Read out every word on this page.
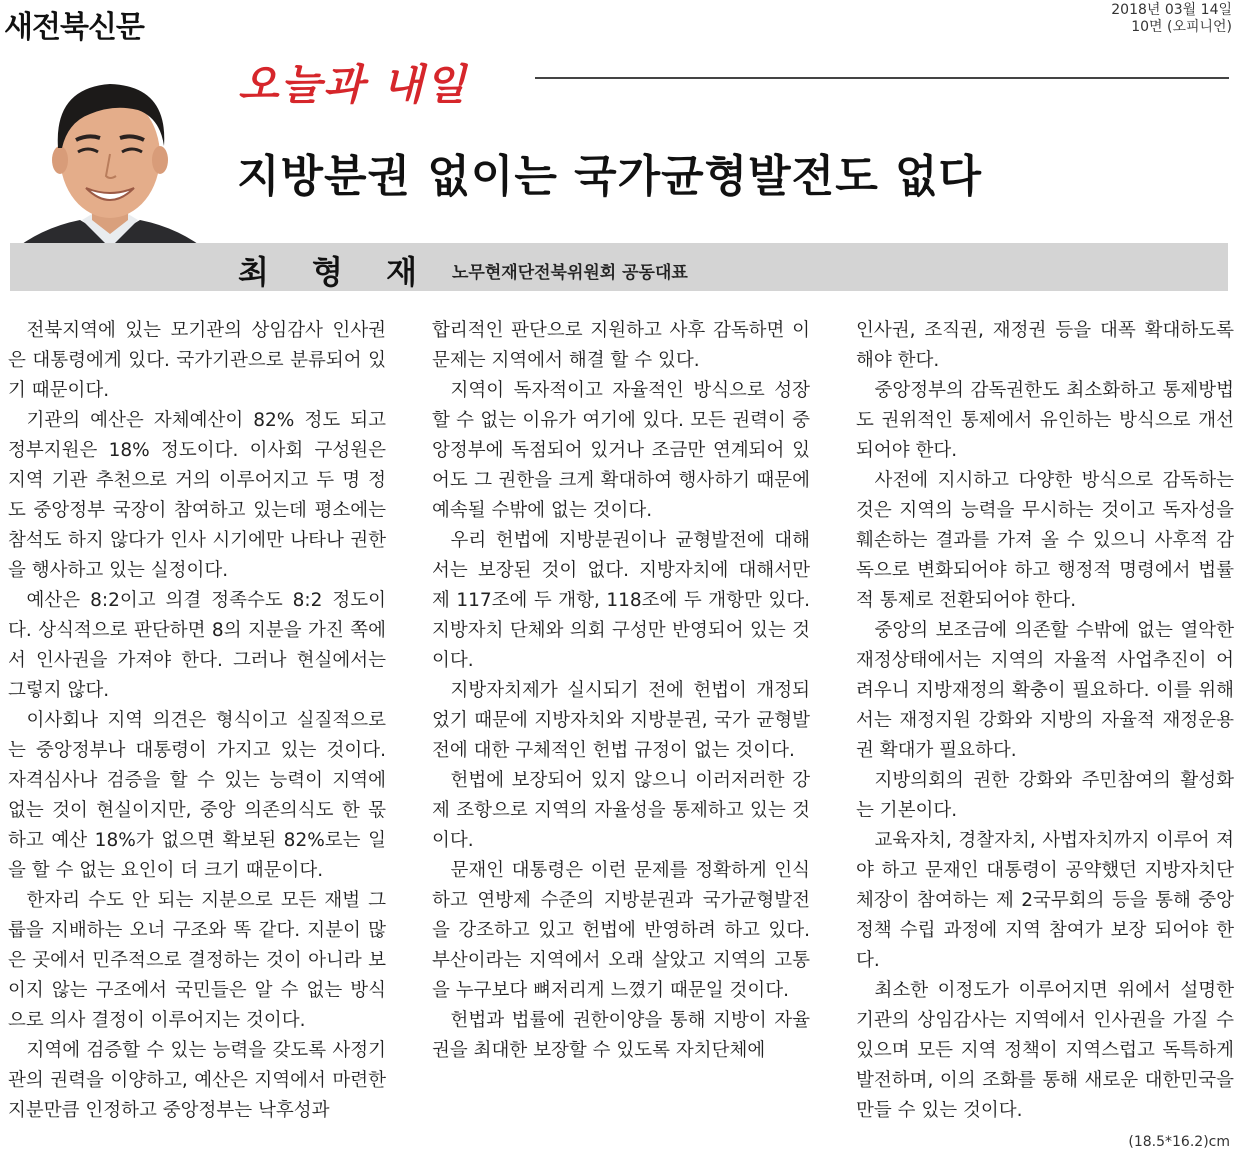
새전북신문	2018년 03월 14일
10면 (오피니언)
오늘과 내일
지방분권 없이는 국가균형발전도 없다
최 형 재 노무현재단전북위원회 공동대표

전북지역에 있는 모기관의 상임감사 인사권은 대통령에게 있다. 국가기관으로 분류되어 있기 때문이다.

기관의 예산은 자체예산이 82% 정도 되고 정부지원은 18% 정도이다. 이사회 구성원은 지역 기관 추천으로 거의 이루어지고 두 명 정도 중앙정부 국장이 참여하고 있는데 평소에는 참석도 하지 않다가 인사 시기에만 나타나 권한을 행사하고 있는 실정이다.

예산은 8:2이고 의결 정족수도 8:2 정도이다. 상식적으로 판단하면 8의 지분을 가진 쪽에서 인사권을 가져야 한다. 그러나 현실에서는 그렇지 않다.

이사회나 지역 의견은 형식이고 실질적으로는 중앙정부나 대통령이 가지고 있는 것이다. 자격심사나 검증을 할 수 있는 능력이 지역에 없는 것이 현실이지만, 중앙 의존의식도 한 몫하고 예산 18%가 없으면 확보된 82%로는 일을 할 수 없는 요인이 더 크기 때문이다.

한자리 수도 안 되는 지분으로 모든 재벌 그룹을 지배하는 오너 구조와 똑 같다. 지분이 많은 곳에서 민주적으로 결정하는 것이 아니라 보이지 않는 구조에서 국민들은 알 수 없는 방식으로 의사 결정이 이루어지는 것이다.

지역에 검증할 수 있는 능력을 갖도록 사정기관의 권력을 이양하고, 예산은 지역에서 마련한 지분만큼 인정하고 중앙정부는 낙후성과

합리적인 판단으로 지원하고 사후 감독하면 이 문제는 지역에서 해결 할 수 있다.

지역이 독자적이고 자율적인 방식으로 성장할 수 없는 이유가 여기에 있다. 모든 권력이 중앙정부에 독점되어 있거나 조금만 연계되어 있어도 그 권한을 크게 확대하여 행사하기 때문에 예속될 수밖에 없는 것이다.

우리 헌법에 지방분권이나 균형발전에 대해서는 보장된 것이 없다. 지방자치에 대해서만 제 117조에 두 개항, 118조에 두 개항만 있다. 지방자치 단체와 의회 구성만 반영되어 있는 것이다.

지방자치제가 실시되기 전에 헌법이 개정되었기 때문에 지방자치와 지방분권, 국가 균형발전에 대한 구체적인 헌법 규정이 없는 것이다.

헌법에 보장되어 있지 않으니 이러저러한 강제 조항으로 지역의 자율성을 통제하고 있는 것이다.

문재인 대통령은 이런 문제를 정확하게 인식하고 연방제 수준의 지방분권과 국가균형발전을 강조하고 있고 헌법에 반영하려 하고 있다. 부산이라는 지역에서 오래 살았고 지역의 고통을 누구보다 뼈저리게 느꼈기 때문일 것이다.

헌법과 법률에 권한이양을 통해 지방이 자율권을 최대한 보장할 수 있도록 자치단체에

인사권, 조직권, 재정권 등을 대폭 확대하도록 해야 한다.

중앙정부의 감독권한도 최소화하고 통제방법도 권위적인 통제에서 유인하는 방식으로 개선되어야 한다.

사전에 지시하고 다양한 방식으로 감독하는 것은 지역의 능력을 무시하는 것이고 독자성을 훼손하는 결과를 가져 올 수 있으니 사후적 감독으로 변화되어야 하고 행정적 명령에서 법률적 통제로 전환되어야 한다.

중앙의 보조금에 의존할 수밖에 없는 열악한 재정상태에서는 지역의 자율적 사업추진이 어려우니 지방재정의 확충이 필요하다. 이를 위해서는 재정지원 강화와 지방의 자율적 재정운용권 확대가 필요하다.

지방의회의 권한 강화와 주민참여의 활성화는 기본이다.

교육자치, 경찰자치, 사법자치까지 이루어 져야 하고 문재인 대통령이 공약했던 지방자치단체장이 참여하는 제 2국무회의 등을 통해 중앙정책 수립 과정에 지역 참여가 보장 되어야 한다.

최소한 이정도가 이루어지면 위에서 설명한 기관의 상임감사는 지역에서 인사권을 가질 수 있으며 모든 지역 정책이 지역스럽고 독특하게 발전하며, 이의 조화를 통해 새로운 대한민국을 만들 수 있는 것이다.

(18.5*16.2)cm
